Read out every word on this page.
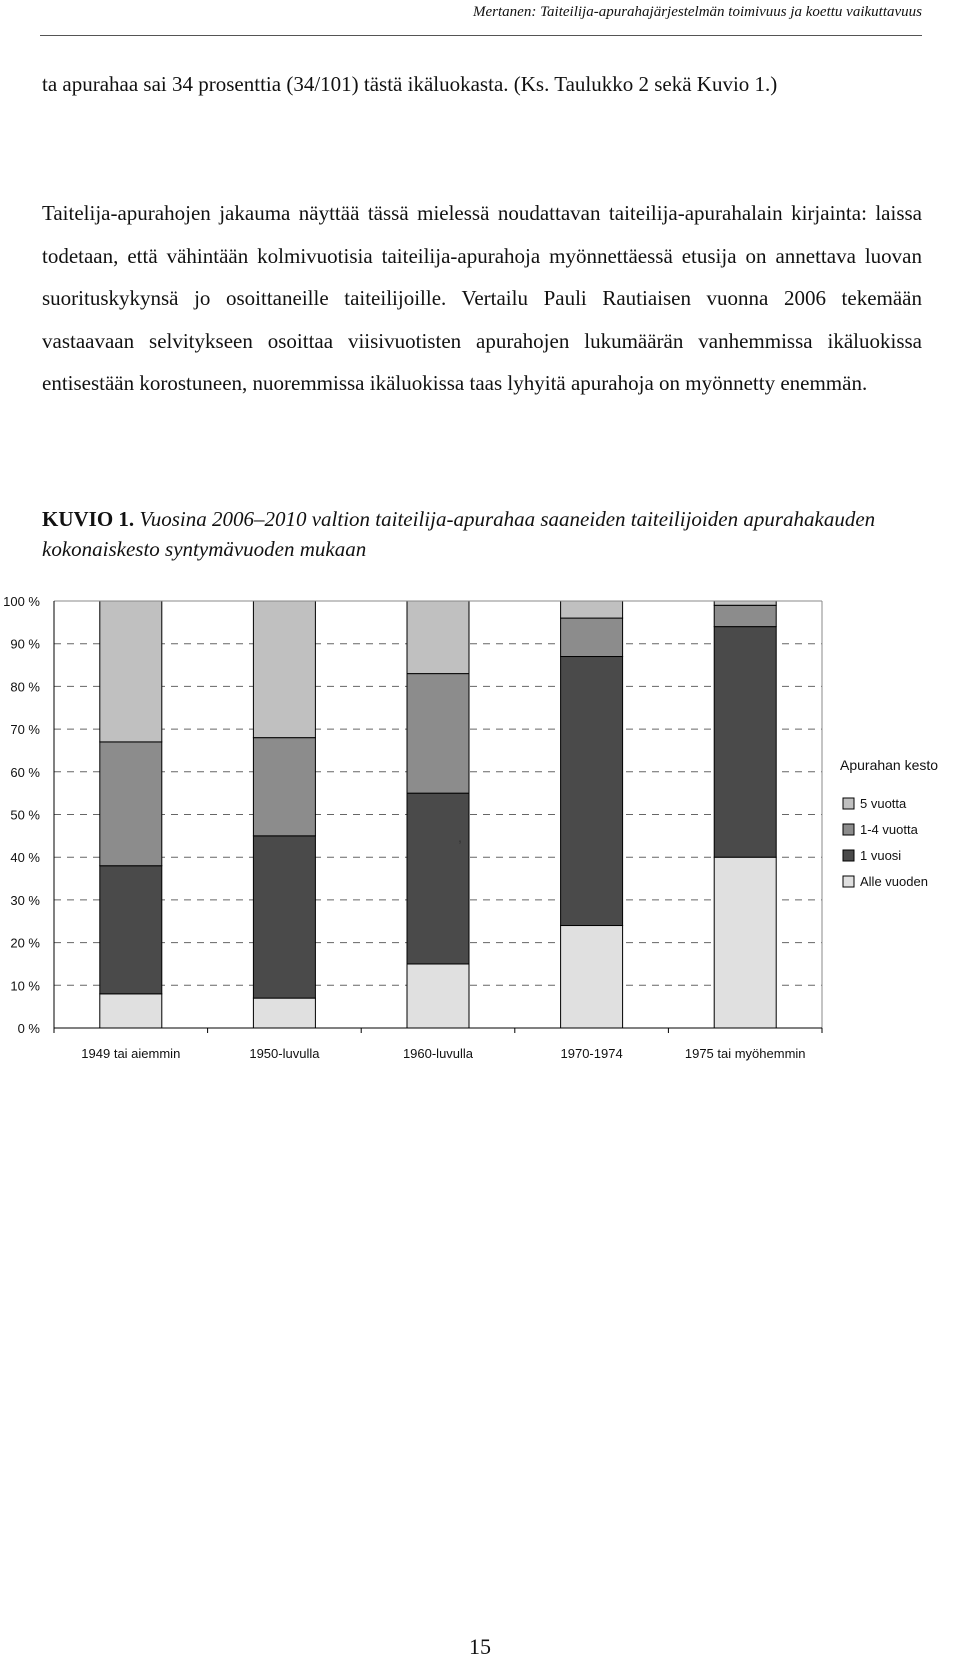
Mertanen: Taiteilija-apurahajärjestelmän toimivuus ja koettu vaikuttavuus

ta apurahaa sai 34 prosenttia (34/101) tästä ikäluokasta. (Ks. Taulukko 2 sekä Kuvio 1.)

Taitelija-apurahojen jakauma näyttää tässä mielessä noudattavan taiteilija-apurahalain kirjainta: laissa todetaan, että vähintään kolmivuotisia taiteilija-apurahoja myönnettäessä etusija on annettava luovan suorituskykynsä jo osoittaneille taiteilijoille. Vertailu Pauli Rautiaisen vuonna 2006 tekemään vastaavaan selvitykseen osoittaa viisivuotisten apurahojen lukumäärän vanhemmissa ikäluokissa entisestään korostuneen, nuoremmissa ikäluokissa taas lyhyitä apurahoja on myönnetty enemmän.

KUVIO 1. Vuosina 2006–2010 valtion taiteilija-apurahaa saaneiden taiteilijoiden apurahakauden kokonaiskesto syntymävuoden mukaan

0 %
10 %
20 %
30 %
40 %
50 %
60 %
70 %
80 %
90 %
100 %
1949 tai aiemmin	1950-luvulla	1960-luvulla	1970-1974	1975 tai myöhemmin
,
Apurahan kesto
5 vuotta
1-4 vuotta
1 vuosi
Alle vuoden
15
